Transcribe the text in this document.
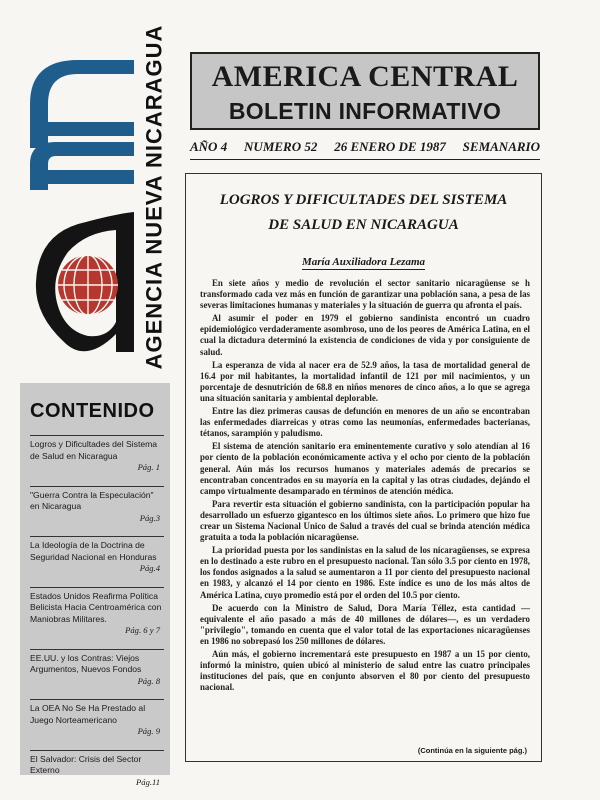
AGENCIA NUEVA NICARAGUA
CONTENIDO
Logros y Dificultades del Sistema de Salud en Nicaragua
Pág. 1
"Guerra Contra la Especulación" en Nicaragua
Pág.3
La Ideología de la Doctrina de Seguridad Nacional en Honduras
Pág.4
Estados Unidos Reafirma Política Belicista Hacia Centroamérica con Maniobras Militares.
Pág. 6 y 7
EE.UU. y los Contras: Viejos Argumentos, Nuevos Fondos
Pág. 8
La OEA No Se Ha Prestado al Juego Norteamericano
Pág. 9
El Salvador: Crisis del Sector Externo
Pág.11
AMERICA CENTRAL
BOLETIN INFORMATIVO
AÑO 4 NUMERO 52 26 ENERO DE 1987 SEMANARIO
LOGROS Y DIFICULTADES DEL SISTEMA
DE SALUD EN NICARAGUA
María Auxiliadora Lezama

En siete años y medio de revolución el sector sanitario nicaragüense se h transformado cada vez más en función de garantizar una población sana, a pesa de las severas limitaciones humanas y materiales y la situación de guerra qu afronta el país.

Al asumir el poder en 1979 el gobierno sandinista encontró un cuadro epidemiológico verdaderamente asombroso, uno de los peores de América Latina, en el cual la dictadura determinó la existencia de condiciones de vida y por consiguiente de salud.

La esperanza de vida al nacer era de 52.9 años, la tasa de mortalidad general de 16.4 por mil habitantes, la mortalidad infantil de 121 por mil nacimientos, y un porcentaje de desnutrición de 68.8 en niños menores de cinco años, a lo que se agrega una situación sanitaria y ambiental deplorable.

Entre las diez primeras causas de defunción en menores de un año se encontraban las enfermedades diarreicas y otras como las neumonías, enfermedades bacterianas, tétanos, sarampión y paludismo.

El sistema de atención sanitario era eminentemente curativo y solo atendían al 16 por ciento de la población económicamente activa y el ocho por ciento de la población general. Aún más los recursos humanos y materiales además de precarios se encontraban concentrados en su mayoría en la capital y las otras ciudades, dejándo el campo virtualmente desamparado en términos de atención médica.

Para revertir esta situación el gobierno sandinista, con la participación popular ha desarrollado un esfuerzo gigantesco en los últimos siete años. Lo primero que hizo fue crear un Sistema Nacional Unico de Salud a través del cual se brinda atención médica gratuita a toda la población nicaragüense.

La prioridad puesta por los sandinistas en la salud de los nicaragüenses, se expresa en lo destinado a este rubro en el presupuesto nacional. Tan sólo 3.5 por ciento en 1978, los fondos asignados a la salud se aumentaron a 11 por ciento del presupuesto nacional en 1983, y alcanzó el 14 por ciento en 1986. Este índice es uno de los más altos de América Latina, cuyo promedio está por el orden del 10.5 por ciento.

De acuerdo con la Ministro de Salud, Dora María Téllez, esta cantidad —equivalente el año pasado a más de 40 millones de dólares—, es un verdadero "privilegio", tomando en cuenta que el valor total de las exportaciones nicaragüenses en 1986 no sobrepasó los 250 millones de dólares.

Aún más, el gobierno incrementará este presupuesto en 1987 a un 15 por ciento, informó la ministro, quien ubicó al ministerio de salud entre las cuatro principales instituciones del país, que en conjunto absorven el 80 por ciento del presupuesto nacional.

(Continúa en la siguiente pág.)
